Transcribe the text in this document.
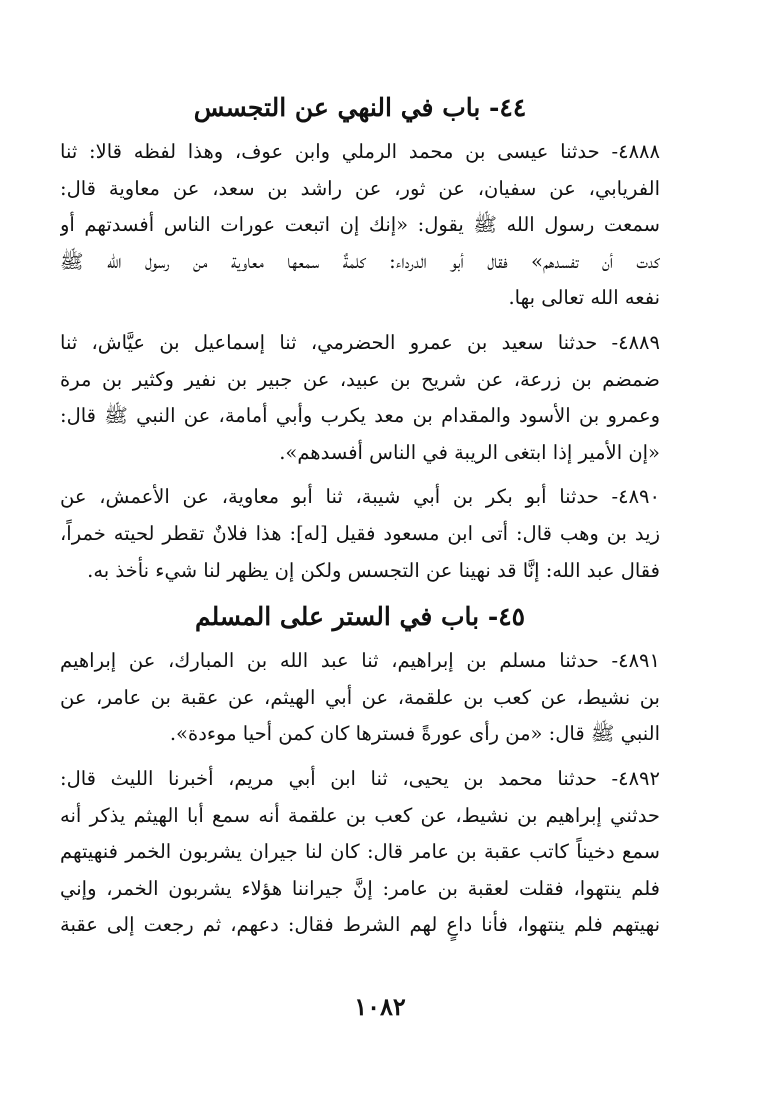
٤٤- باب في النهي عن التجسس
٤٨٨٨- حدثنا عيسى بن محمد الرملي وابن عوف، وهذا لفظه قالا: ثنا
الفريابي، عن سفيان، عن ثور، عن راشد بن سعد، عن معاوية قال:
سمعت رسول الله ﷺ يقول: «إنك إن اتبعت عورات الناس أفسدتهم أو
كدت أن تفسدهم» فقال أبو الدرداء: كلمةٌ سمعها معاوية من رسول الله ﷺ
نفعه الله تعالى بها.
٤٨٨٩- حدثنا سعيد بن عمرو الحضرمي، ثنا إسماعيل بن عيَّاش، ثنا
ضمضم بن زرعة، عن شريح بن عبيد، عن جبير بن نفير وكثير بن مرة
وعمرو بن الأسود والمقدام بن معد يكرب وأبي أمامة، عن النبي ﷺ قال:
«إن الأمير إذا ابتغى الريبة في الناس أفسدهم».
٤٨٩٠- حدثنا أبو بكر بن أبي شيبة، ثنا أبو معاوية، عن الأعمش، عن
زيد بن وهب قال: أتى ابن مسعود فقيل [له]: هذا فلانٌ تقطر لحيته خمراً،
فقال عبد الله: إنَّا قد نهينا عن التجسس ولكن إن يظهر لنا شيء نأخذ به.
٤٥- باب في الستر على المسلم
٤٨٩١- حدثنا مسلم بن إبراهيم، ثنا عبد الله بن المبارك، عن إبراهيم
بن نشيط، عن كعب بن علقمة، عن أبي الهيثم، عن عقبة بن عامر، عن
النبي ﷺ قال: «من رأى عورةً فسترها كان كمن أحيا موءدة».
٤٨٩٢- حدثنا محمد بن يحيى، ثنا ابن أبي مريم، أخبرنا الليث قال:
حدثني إبراهيم بن نشيط، عن كعب بن علقمة أنه سمع أبا الهيثم يذكر أنه
سمع دخيناً كاتب عقبة بن عامر قال: كان لنا جيران يشربون الخمر فنهيتهم
فلم ينتهوا، فقلت لعقبة بن عامر: إنَّ جيراننا هؤلاء يشربون الخمر، وإني
نهيتهم فلم ينتهوا، فأنا داعٍ لهم الشرط فقال: دعهم، ثم رجعت إلى عقبة
١٠٨٢
